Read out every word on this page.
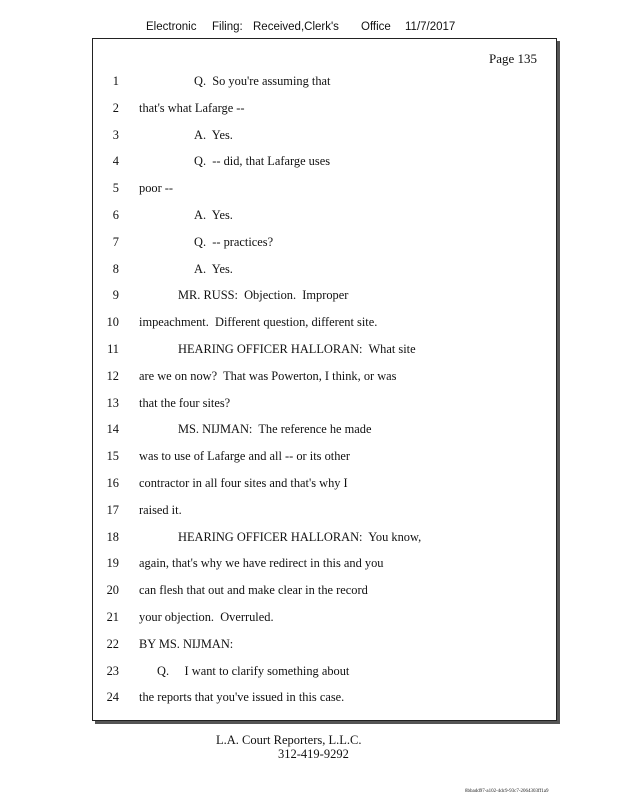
Electronic Filing: Received,Clerk's Office 11/7/2017
Page 135
1	Q.  So you're assuming that
2 that's what Lafarge --
3	A.  Yes.
4	Q.  -- did, that Lafarge uses
5 poor --
6	A.  Yes.
7	Q.  -- practices?
8	A.  Yes.
9	MR. RUSS:  Objection.  Improper
10 impeachment.  Different question, different site.
11	HEARING OFFICER HALLORAN:  What site
12 are we on now?  That was Powerton, I think, or was
13 that the four sites?
14	MS. NIJMAN:  The reference he made
15 was to use of Lafarge and all -- or its other
16 contractor in all four sites and that's why I
17 raised it.
18	HEARING OFFICER HALLORAN:  You know,
19 again, that's why we have redirect in this and you
20 can flesh that out and make clear in the record
21 your objection.  Overruled.
22 BY MS. NIJMAN:
23	Q.     I want to clarify something about
24 the reports that you've issued in this case.
L.A. Court Reporters, L.L.C.
312-419-9292
8bbadd97-a102-4dc9-93c7-2064303ff1a9
